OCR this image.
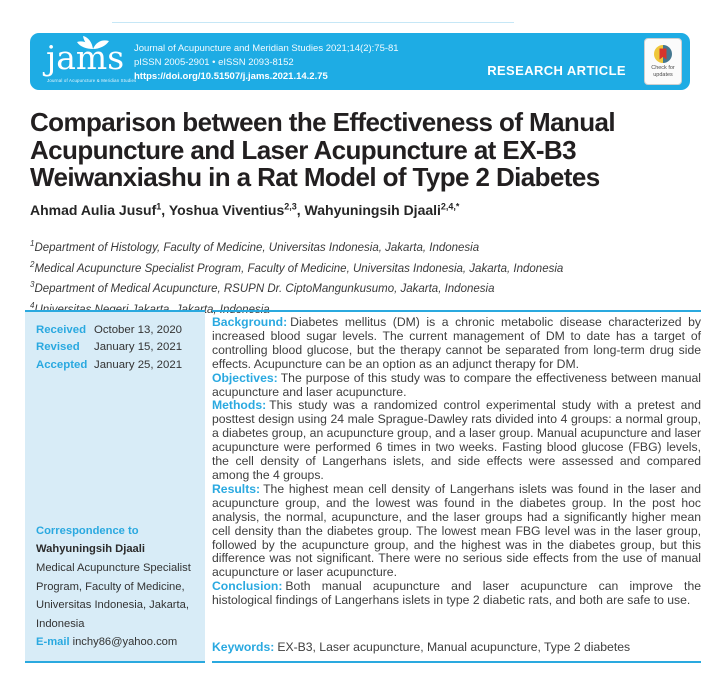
jams
Journal of Acupuncture & Meridian Studies
Journal of Acupuncture and Meridian Studies 2021;14(2):75-81
pISSN 2005-2901 • eISSN 2093-8152
https://doi.org/10.51507/j.jams.2021.14.2.75	RESEARCH ARTICLE	Check for
updates
Comparison between the Effectiveness of Manual
Acupuncture and Laser Acupuncture at EX-B3
Weiwanxiashu in a Rat Model of Type 2 Diabetes
Ahmad Aulia Jusuf$^1$, Yoshua Viventius$^{2,3}$, Wahyuningsih Djaali$^{2,4,*}$
$^1$Department of Histology, Faculty of Medicine, Universitas Indonesia, Jakarta, Indonesia
$^2$Medical Acupuncture Specialist Program, Faculty of Medicine, Universitas Indonesia, Jakarta, Indonesia
$^3$Department of Medical Acupuncture, RSUPN Dr. CiptoMangunkusumo, Jakarta, Indonesia
$^4$
Received October 13, 2020
Revised	January 15, 2021
Accepted January 25, 2021
Correspondence to
Wahyuningsih Djaali
Medical Acupuncture Specialist Program, Faculty of Medicine, Universitas Indonesia, Jakarta, Indonesia
E-mail inchy86@yahoo.com

Background: Diabetes mellitus (DM) is a chronic metabolic disease characterized by increased blood sugar levels. The current management of DM to date has a target of controlling blood glucose, but the therapy cannot be separated from long-term drug side effects. Acupuncture can be an option as an adjunct therapy for DM.

Objectives: The purpose of this study was to compare the effectiveness between manual acupuncture and laser acupuncture.

Methods: This study was a randomized control experimental study with a pretest and posttest design using 24 male Sprague-Dawley rats divided into 4 groups: a normal group, a diabetes group, an acupuncture group, and a laser group. Manual acupuncture and laser acupuncture were performed 6 times in two weeks. Fasting blood glucose (FBG) levels, the cell density of Langerhans islets, and side effects were assessed and compared among the 4 groups.

Results: The highest mean cell density of Langerhans islets was found in the laser and acupuncture group, and the lowest was found in the diabetes group. In the post hoc analysis, the normal, acupuncture, and the laser groups had a significantly higher mean cell density than the diabetes group. The lowest mean FBG level was in the laser group, followed by the acupuncture group, and the highest was in the diabetes group, but this difference was not significant. There were no serious side effects from the use of manual acupuncture or laser acupuncture.

Conclusion: Both manual acupuncture and laser acupuncture can improve the histological findings of Langerhans islets in type 2 diabetic rats, and both are safe to use.

Keywords: EX-B3, Laser acupuncture, Manual acupuncture, Type 2 diabetes
